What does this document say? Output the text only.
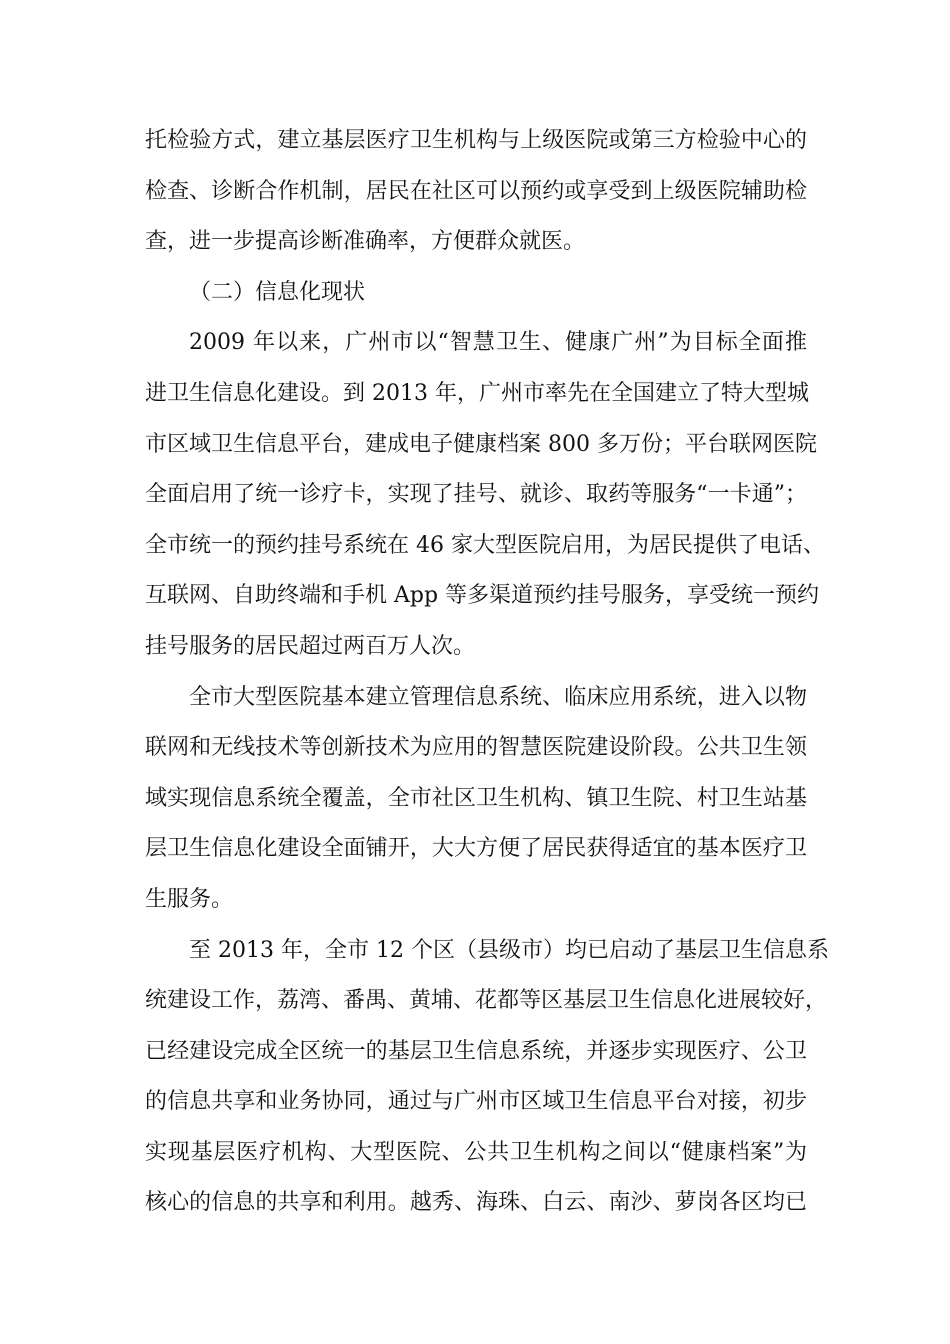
托检验方式，建立基层医疗卫生机构与上级医院或第三方检验中心的
检查、诊断合作机制，居民在社区可以预约或享受到上级医院辅助检
查，进一步提高诊断准确率，方便群众就医。
（二）信息化现状
2009 年以来，广州市以“智慧卫生、健康广州”为目标全面推
进卫生信息化建设。到 2013 年，广州市率先在全国建立了特大型城
市区域卫生信息平台，建成电子健康档案 800 多万份；平台联网医院
全面启用了统一诊疗卡，实现了挂号、就诊、取药等服务“一卡通”；
全市统一的预约挂号系统在 46 家大型医院启用，为居民提供了电话、
互联网、自助终端和手机 App 等多渠道预约挂号服务，享受统一预约
挂号服务的居民超过两百万人次。
全市大型医院基本建立管理信息系统、临床应用系统，进入以物
联网和无线技术等创新技术为应用的智慧医院建设阶段。公共卫生领
域实现信息系统全覆盖，全市社区卫生机构、镇卫生院、村卫生站基
层卫生信息化建设全面铺开，大大方便了居民获得适宜的基本医疗卫
生服务。
至 2013 年，全市 12 个区（县级市）均已启动了基层卫生信息系
统建设工作，荔湾、番禺、黄埔、花都等区基层卫生信息化进展较好，
已经建设完成全区统一的基层卫生信息系统，并逐步实现医疗、公卫
的信息共享和业务协同，通过与广州市区域卫生信息平台对接，初步
实现基层医疗机构、大型医院、公共卫生机构之间以“健康档案”为
核心的信息的共享和利用。越秀、海珠、白云、南沙、萝岗各区均已
